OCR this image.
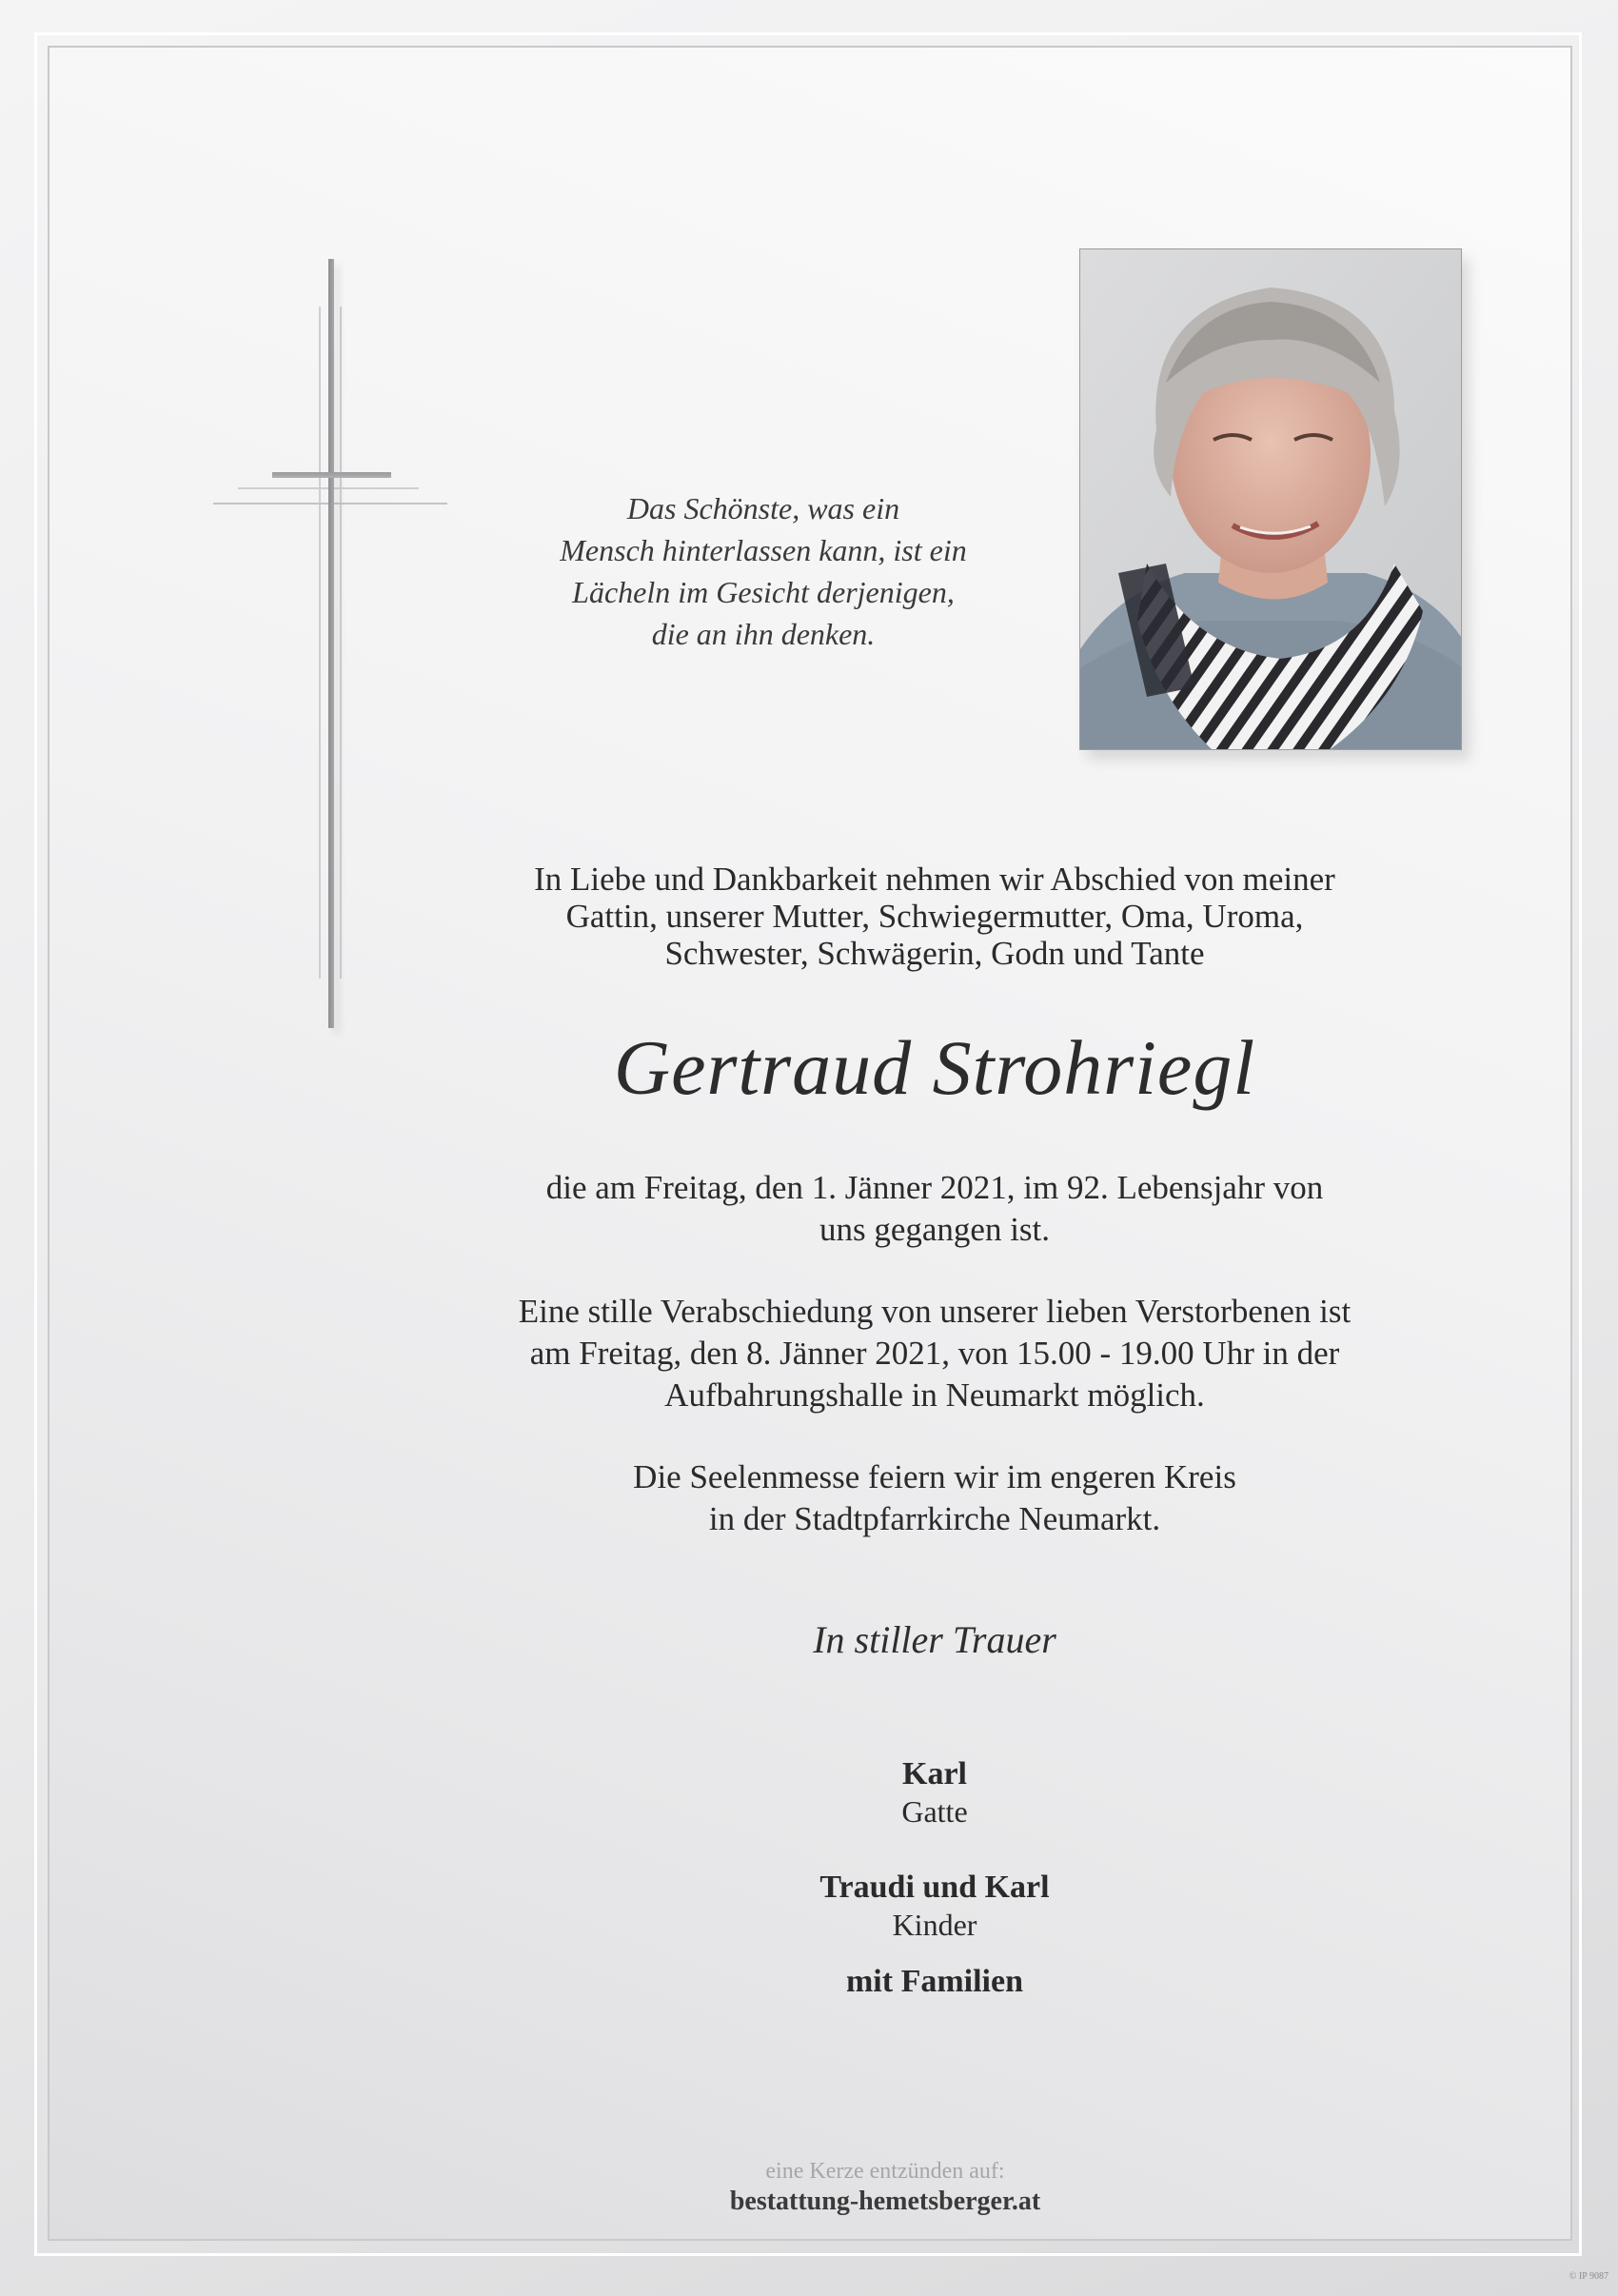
Das Schönste, was ein
Mensch hinterlassen kann, ist ein
Lächeln im Gesicht derjenigen,
die an ihn denken.
In Liebe und Dankbarkeit nehmen wir Abschied von meiner
Gattin, unserer Mutter, Schwiegermutter, Oma, Uroma,
Schwester, Schwägerin, Godn und Tante
Gertraud Strohriegl
die am Freitag, den 1. Jänner 2021, im 92. Lebensjahr von
uns gegangen ist.
Eine stille Verabschiedung von unserer lieben Verstorbenen ist
am Freitag, den 8. Jänner 2021, von 15.00 - 19.00 Uhr in der
Aufbahrungshalle in Neumarkt möglich.
Die Seelenmesse feiern wir im engeren Kreis
in der Stadtpfarrkirche Neumarkt.
In stiller Trauer
Karl
Gatte
Traudi und Karl
Kinder
mit Familien
eine Kerze entzünden auf:
bestattung-hemetsberger.at
© IP 9087
